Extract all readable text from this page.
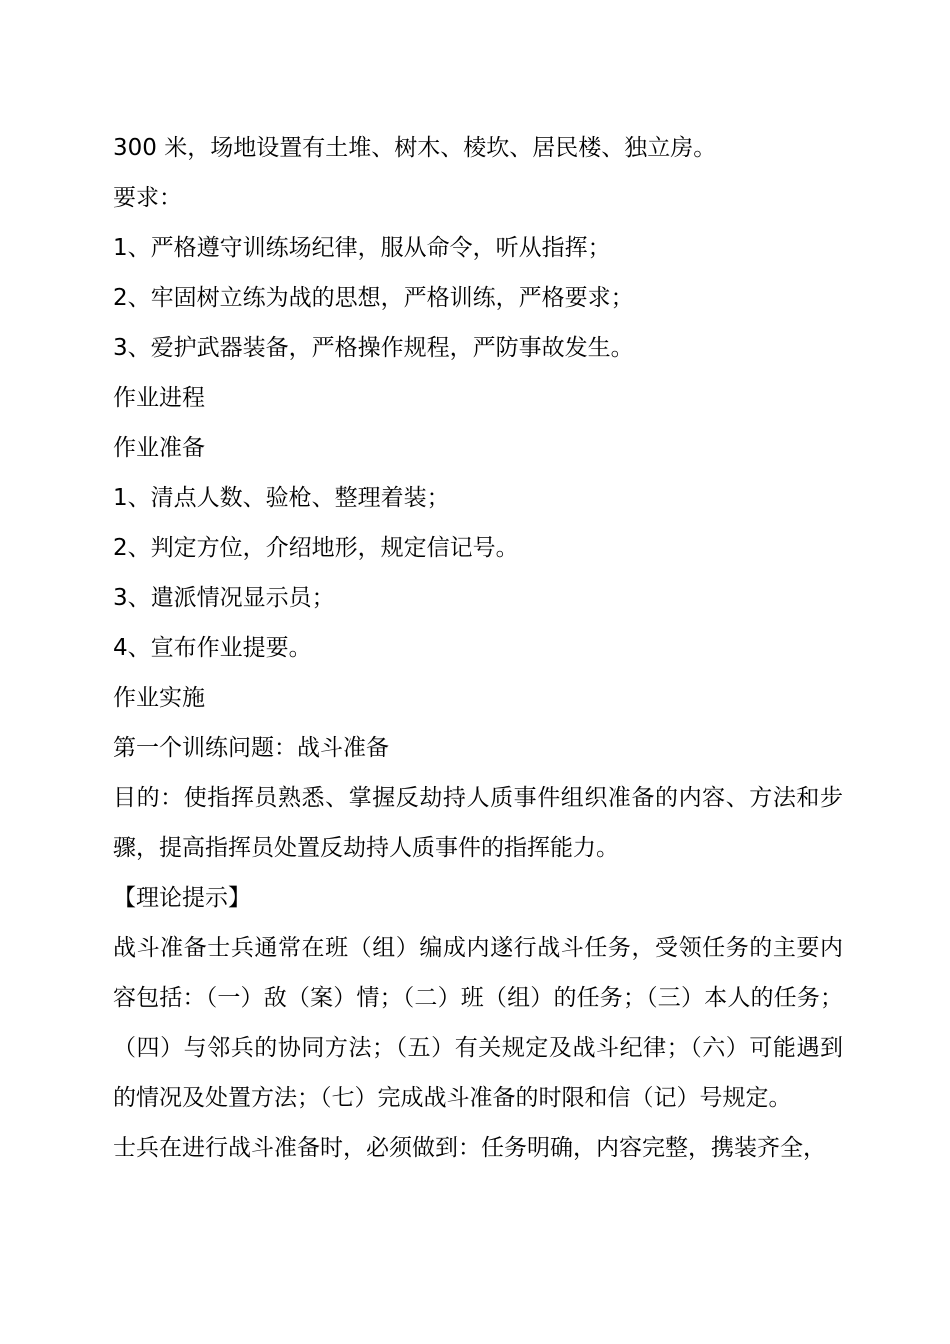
300 米，场地设置有土堆、树木、棱坎、居民楼、独立房。
要求：
1、严格遵守训练场纪律，服从命令，听从指挥；
2、牢固树立练为战的思想，严格训练，严格要求；
3、爱护武器装备，严格操作规程，严防事故发生。
作业进程
作业准备
1、清点人数、验枪、整理着装；
2、判定方位，介绍地形，规定信记号。
3、遣派情况显示员；
4、宣布作业提要。
作业实施
第一个训练问题：战斗准备

目的：使指挥员熟悉、掌握反劫持人质事件组织准备的内容、方法和步骤，提高指挥员处置反劫持人质事件的指挥能力。

【理论提示】

战斗准备士兵通常在班（组）编成内遂行战斗任务，受领任务的主要内容包括：（一）敌（案）情；（二）班（组）的任务；（三）本人的任务；（四）与邻兵的协同方法；（五）有关规定及战斗纪律；（六）可能遇到的情况及处置方法；（七）完成战斗准备的时限和信（记）号规定。

士兵在进行战斗准备时，必须做到：任务明确，内容完整，携装齐全，
